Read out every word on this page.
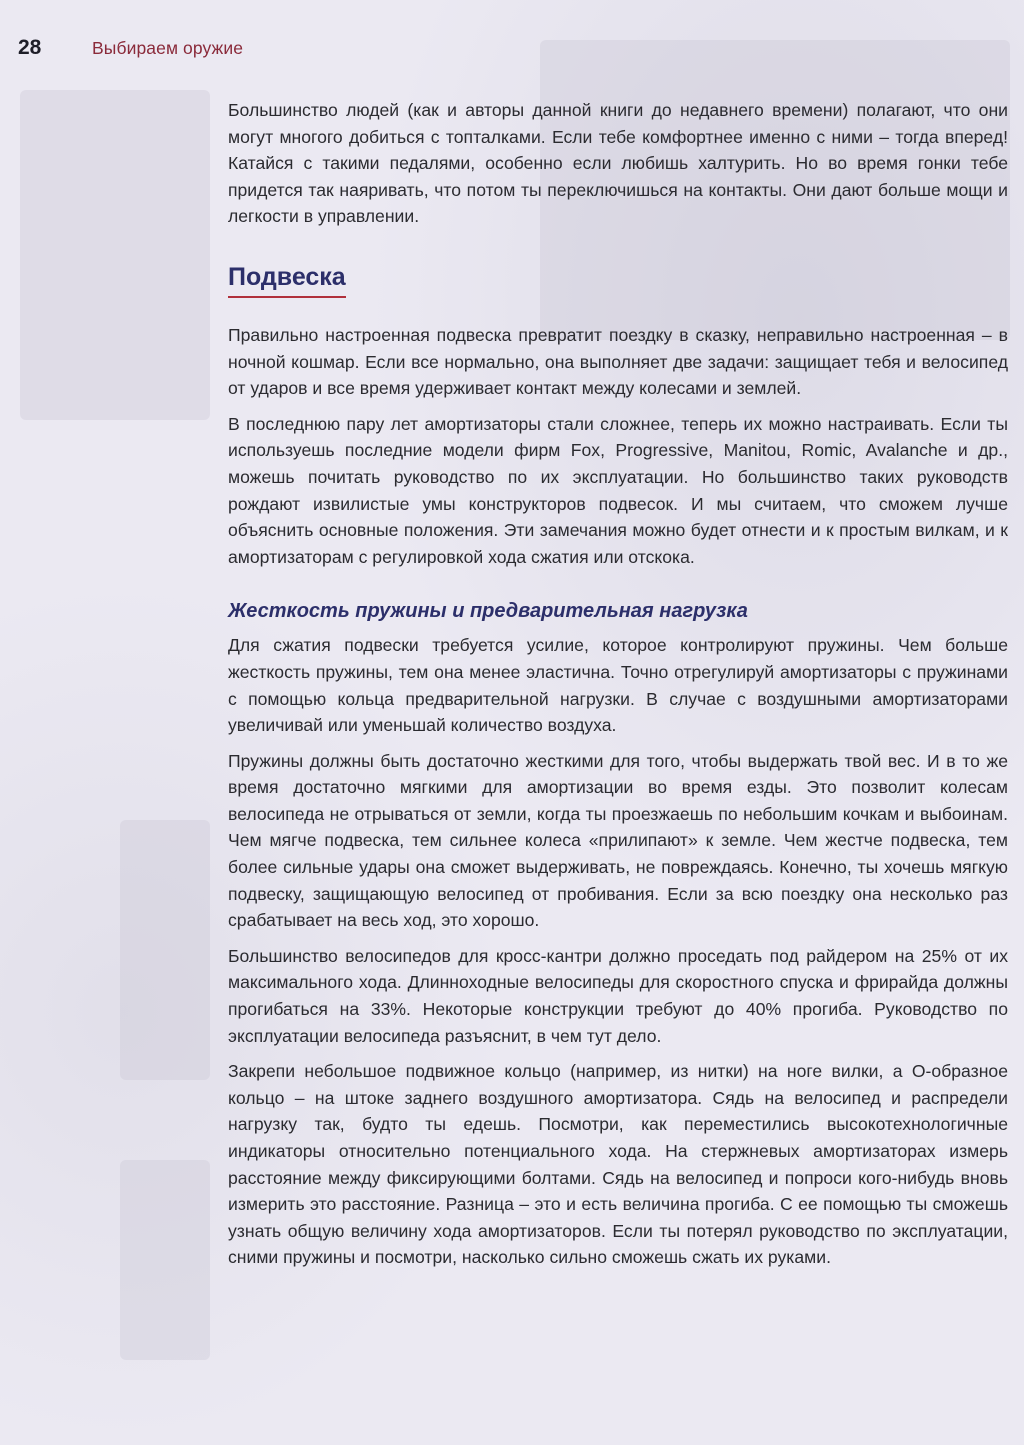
28	Выбираем оружие

Большинство людей (как и авторы данной книги до недавнего времени) полагают, что они могут многого добиться с топталками. Если тебе комфортнее именно с ними – тогда вперед! Катайся с такими педалями, особенно если любишь халтурить. Но во время гонки тебе придется так наяривать, что потом ты переключишься на контакты. Они дают больше мощи и легкости в управлении.

Подвеска

Правильно настроенная подвеска превратит поездку в сказку, неправильно настроенная – в ночной кошмар. Если все нормально, она выполняет две задачи: защищает тебя и велосипед от ударов и все время удерживает контакт между колесами и землей.

В последнюю пару лет амортизаторы стали сложнее, теперь их можно настраивать. Если ты используешь последние модели фирм Fox, Progressive, Manitou, Romic, Avalanche и др., можешь почитать руководство по их эксплуатации. Но большинство таких руководств рождают извилистые умы конструкторов подвесок. И мы считаем, что сможем лучше объяснить основные положения. Эти замечания можно будет отнести и к простым вилкам, и к амортизаторам с регулировкой хода сжатия или отскока.

Жесткость пружины и предварительная нагрузка

Для сжатия подвески требуется усилие, которое контролируют пружины. Чем больше жесткость пружины, тем она менее эластична. Точно отрегулируй амортизаторы с пружинами с помощью кольца предварительной нагрузки. В случае с воздушными амортизаторами увеличивай или уменьшай количество воздуха.

Пружины должны быть достаточно жесткими для того, чтобы выдержать твой вес. И в то же время достаточно мягкими для амортизации во время езды. Это позволит колесам велосипеда не отрываться от земли, когда ты проезжаешь по небольшим кочкам и выбоинам. Чем мягче подвеска, тем сильнее колеса «прилипают» к земле. Чем жестче подвеска, тем более сильные удары она сможет выдерживать, не повреждаясь. Конечно, ты хочешь мягкую подвеску, защищающую велосипед от пробивания. Если за всю поездку она несколько раз срабатывает на весь ход, это хорошо.

Большинство велосипедов для кросс-кантри должно проседать под райдером на 25% от их максимального хода. Длинноходные велосипеды для скоростного спуска и фрирайда должны прогибаться на 33%. Некоторые конструкции требуют до 40% прогиба. Руководство по эксплуатации велосипеда разъяснит, в чем тут дело.

Закрепи небольшое подвижное кольцо (например, из нитки) на ноге вилки, а О-образное кольцо – на штоке заднего воздушного амортизатора. Сядь на велосипед и распредели нагрузку так, будто ты едешь. Посмотри, как переместились высокотехнологичные индикаторы относительно потенциального хода. На стержневых амортизаторах измерь расстояние между фиксирующими болтами. Сядь на велосипед и попроси кого-нибудь вновь измерить это расстояние. Разница – это и есть величина прогиба. С ее помощью ты сможешь узнать общую величину хода амортизаторов. Если ты потерял руководство по эксплуатации, сними пружины и посмотри, насколько сильно сможешь сжать их руками.
